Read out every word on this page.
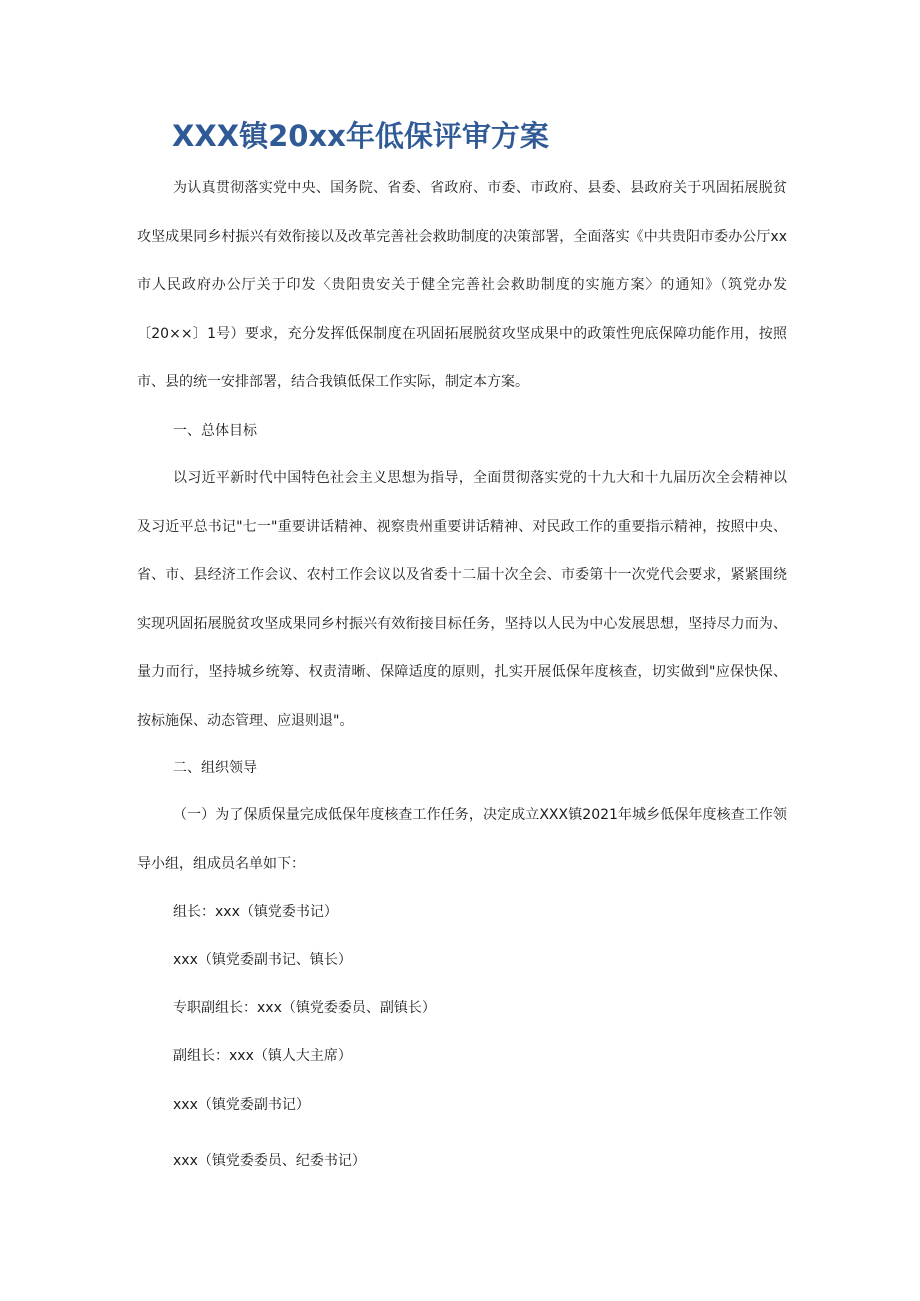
XXX镇20xx年低保评审方案

为认真贯彻落实党中央、国务院、省委、省政府、市委、市政府、县委、县政府关于巩固拓展脱贫攻坚成果同乡村振兴有效衔接以及改革完善社会救助制度的决策部署，全面落实《中共贵阳市委办公厅xx市人民政府办公厅关于印发〈贵阳贵安关于健全完善社会救助制度的实施方案〉的通知》（筑党办发〔20××〕1号）要求，充分发挥低保制度在巩固拓展脱贫攻坚成果中的政策性兜底保障功能作用，按照市、县的统一安排部署，结合我镇低保工作实际，制定本方案。

一、总体目标

以习近平新时代中国特色社会主义思想为指导，全面贯彻落实党的十九大和十九届历次全会精神以及习近平总书记"七一"重要讲话精神、视察贵州重要讲话精神、对民政工作的重要指示精神，按照中央、省、市、县经济工作会议、农村工作会议以及省委十二届十次全会、市委第十一次党代会要求，紧紧围绕实现巩固拓展脱贫攻坚成果同乡村振兴有效衔接目标任务，坚持以人民为中心发展思想，坚持尽力而为、量力而行，坚持城乡统筹、权责清晰、保障适度的原则，扎实开展低保年度核查，切实做到"应保快保、按标施保、动态管理、应退则退"。

二、组织领导

（一）为了保质保量完成低保年度核查工作任务，决定成立XXX镇2021年城乡低保年度核查工作领导小组，组成员名单如下：

组长：xxx（镇党委书记）

xxx（镇党委副书记、镇长）

专职副组长：xxx（镇党委委员、副镇长）

副组长：xxx（镇人大主席）

xxx（镇党委副书记）

xxx（镇党委委员、纪委书记）
